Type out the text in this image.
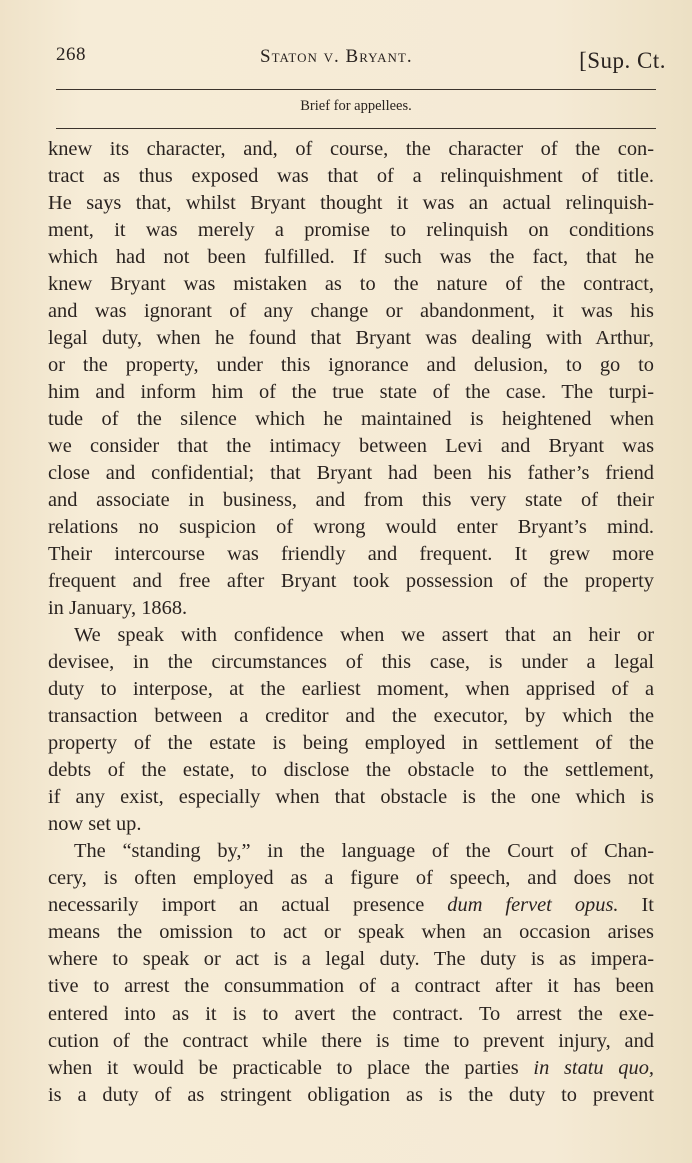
268	Staton v. Bryant.	[Sup. Ct.
Brief for appellees.
knew its character, and, of course, the character of the con-
tract as thus exposed was that of a relinquishment of title.
He says that, whilst Bryant thought it was an actual relinquish-
ment, it was merely a promise to relinquish on conditions
which had not been fulfilled. If such was the fact, that he
knew Bryant was mistaken as to the nature of the contract,
and was ignorant of any change or abandonment, it was his
legal duty, when he found that Bryant was dealing with Arthur,
or the property, under this ignorance and delusion, to go to
him and inform him of the true state of the case. The turpi-
tude of the silence which he maintained is heightened when
we consider that the intimacy between Levi and Bryant was
close and confidential; that Bryant had been his father’s friend
and associate in business, and from this very state of their
relations no suspicion of wrong would enter Bryant’s mind.
Their intercourse was friendly and frequent. It grew more
frequent and free after Bryant took possession of the property
in January, 1868.
We speak with confidence when we assert that an heir or
devisee, in the circumstances of this case, is under a legal
duty to interpose, at the earliest moment, when apprised of a
transaction between a creditor and the executor, by which the
property of the estate is being employed in settlement of the
debts of the estate, to disclose the obstacle to the settlement,
if any exist, especially when that obstacle is the one which is
now set up.
The “standing by,” in the language of the Court of Chan-
cery, is often employed as a figure of speech, and does not
necessarily import an actual presence dum fervet opus. It
means the omission to act or speak when an occasion arises
where to speak or act is a legal duty. The duty is as impera-
tive to arrest the consummation of a contract after it has been
entered into as it is to avert the contract. To arrest the exe-
cution of the contract while there is time to prevent injury, and
when it would be practicable to place the parties in statu quo,
is a duty of as stringent obligation as is the duty to prevent
